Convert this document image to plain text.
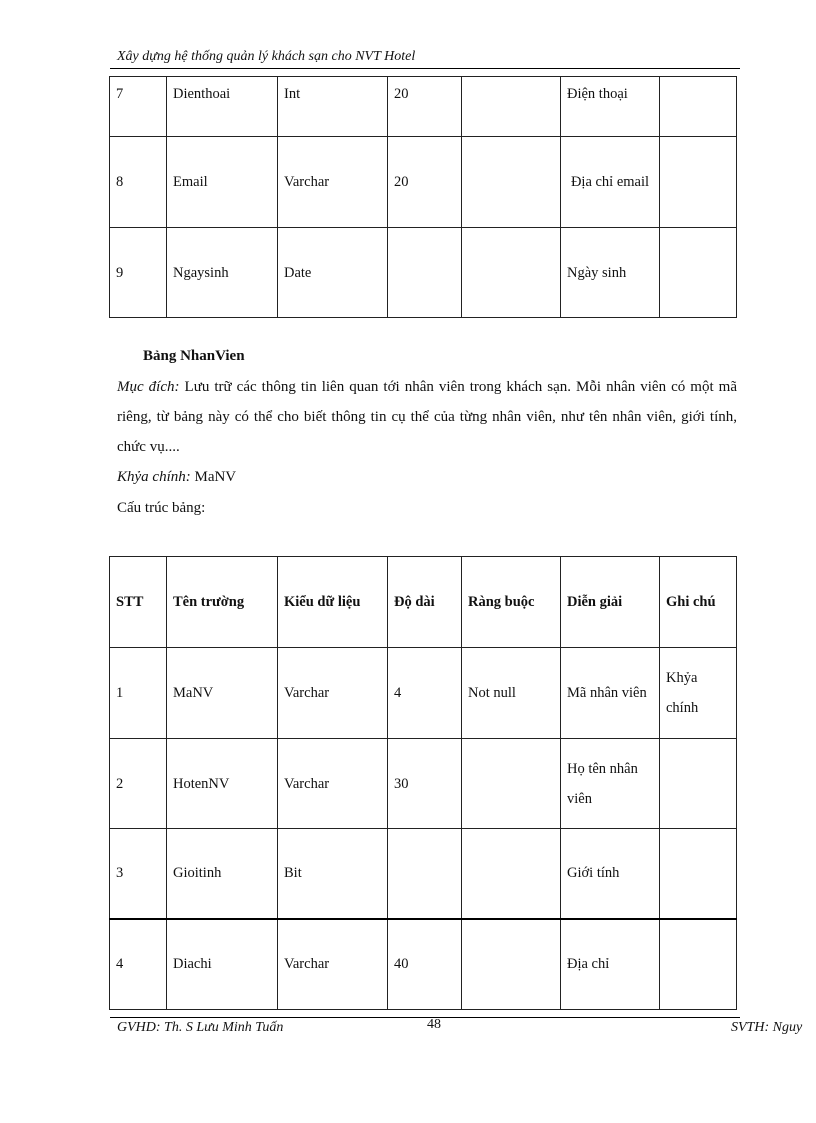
Xây dựng hệ thống quản lý khách sạn cho NVT Hotel
7	Dienthoai	Int	20		Điện thoại	
8	Email	Varchar	20		Địa chỉ email	
9	Ngaysinh	Date			Ngày sinh	
Bảng NhanVien
Mục đích: Lưu trữ các thông tin liên quan tới nhân viên trong khách sạn. Mỗi nhân viên có một mã riêng, từ bảng này có thể cho biết thông tin cụ thể của từng nhân viên, như tên nhân viên, giới tính, chức vụ....
Khỷa chính: MaNV
Cấu trúc bảng:
STT	Tên trường	Kiểu dữ liệu	Độ dài	Ràng buộc	Diễn giải	Ghi chú
1	MaNV	Varchar	4	Not null	Mã nhân viên	Khỷa chính
2	HotenNV	Varchar	30		Họ tên nhân viên	
3	Gioitinh	Bit			Giới tính	
4	Diachi	Varchar	40		Địa chỉ	
GVHD: Th. S Lưu Minh Tuấn	48	SVTH: Nguy
